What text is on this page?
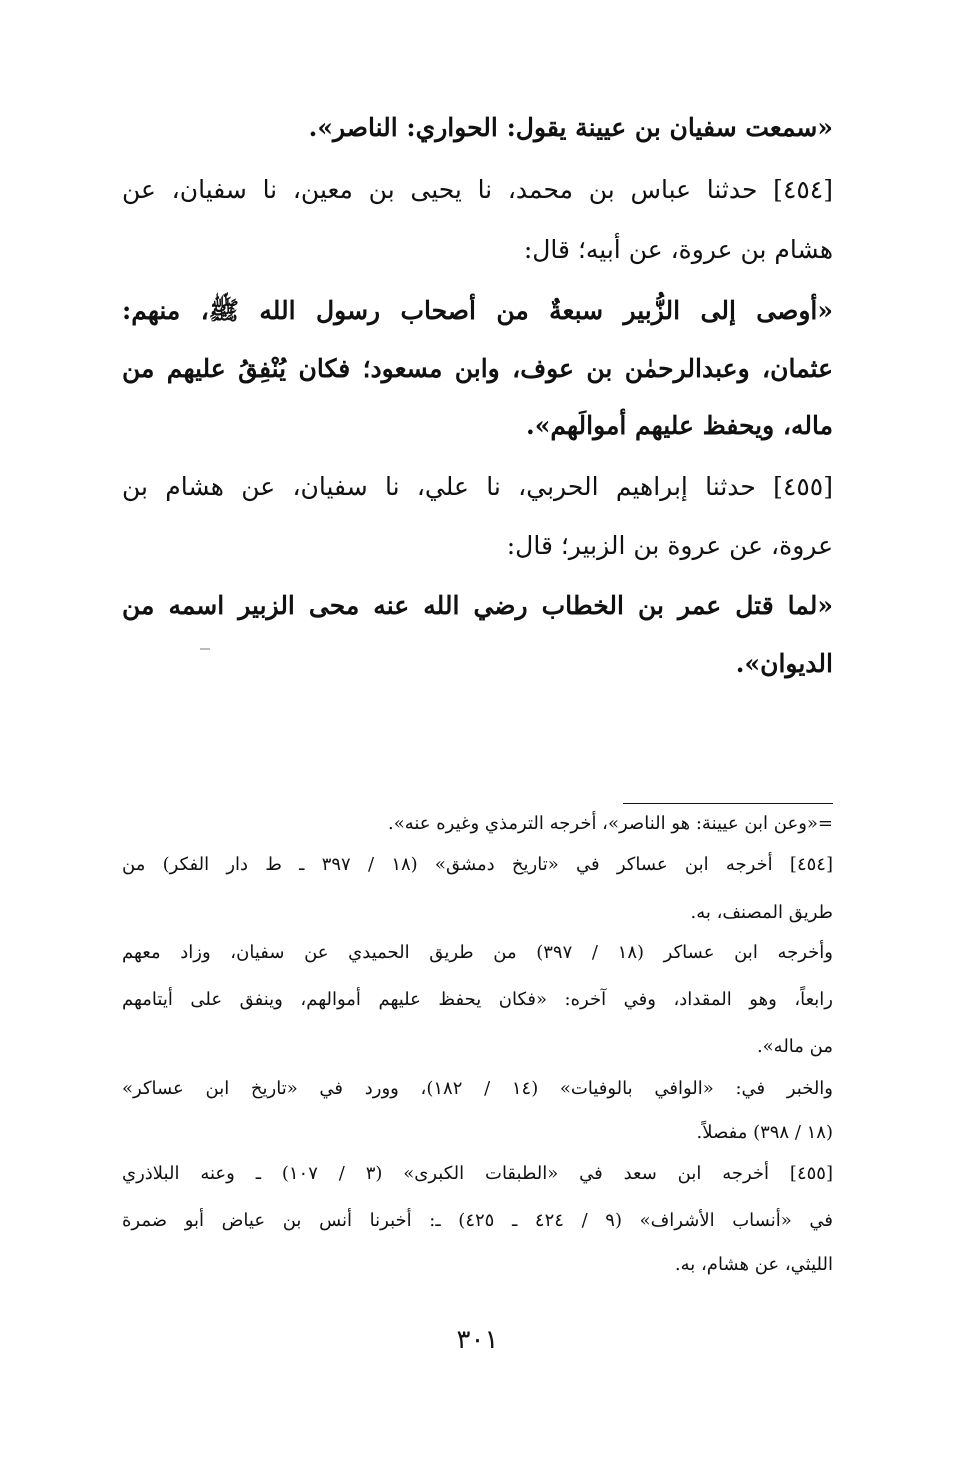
«سمعت سفيان بن عيينة يقول: الحواري: الناصر».
[٤٥٤] حدثنا عباس بن محمد، نا يحيى بن معين، نا سفيان، عن
هشام بن عروة، عن أبيه؛ قال:
«أوصى إلى الزُّبير سبعةٌ من أصحاب رسول الله ﷺ، منهم:
عثمان، وعبدالرحمٰن بن عوف، وابن مسعود؛ فكان يُنْفِقُ عليهم من
ماله، ويحفظ عليهم أموالَهم».
[٤٥٥] حدثنا إبراهيم الحربي، نا علي، نا سفيان، عن هشام بن
عروة، عن عروة بن الزبير؛ قال:
«لما قتل عمر بن الخطاب رضي الله عنه محى الزبير اسمه من
الديوان».
=«وعن ابن عيينة: هو الناصر»، أخرجه الترمذي وغيره عنه».
[٤٥٤] أخرجه ابن عساكر في «تاريخ دمشق» (١٨ / ٣٩٧ ـ ط دار الفكر) من
طريق المصنف، به.
وأخرجه ابن عساكر (١٨ / ٣٩٧) من طريق الحميدي عن سفيان، وزاد معهم
رابعاً، وهو المقداد، وفي آخره: «فكان يحفظ عليهم أموالهم، وينفق على أيتامهم
من ماله».
والخبر في: «الوافي بالوفيات» (١٤ / ١٨٢)، وورد في «تاريخ ابن عساكر»
(١٨ / ٣٩٨) مفصلاً.
[٤٥٥] أخرجه ابن سعد في «الطبقات الكبرى» (٣ / ١٠٧) ـ وعنه البلاذري
في «أنساب الأشراف» (٩ / ٤٢٤ ـ ٤٢٥) ـ: أخبرنا أنس بن عياض أبو ضمرة
الليثي، عن هشام، به.
٣٠١
